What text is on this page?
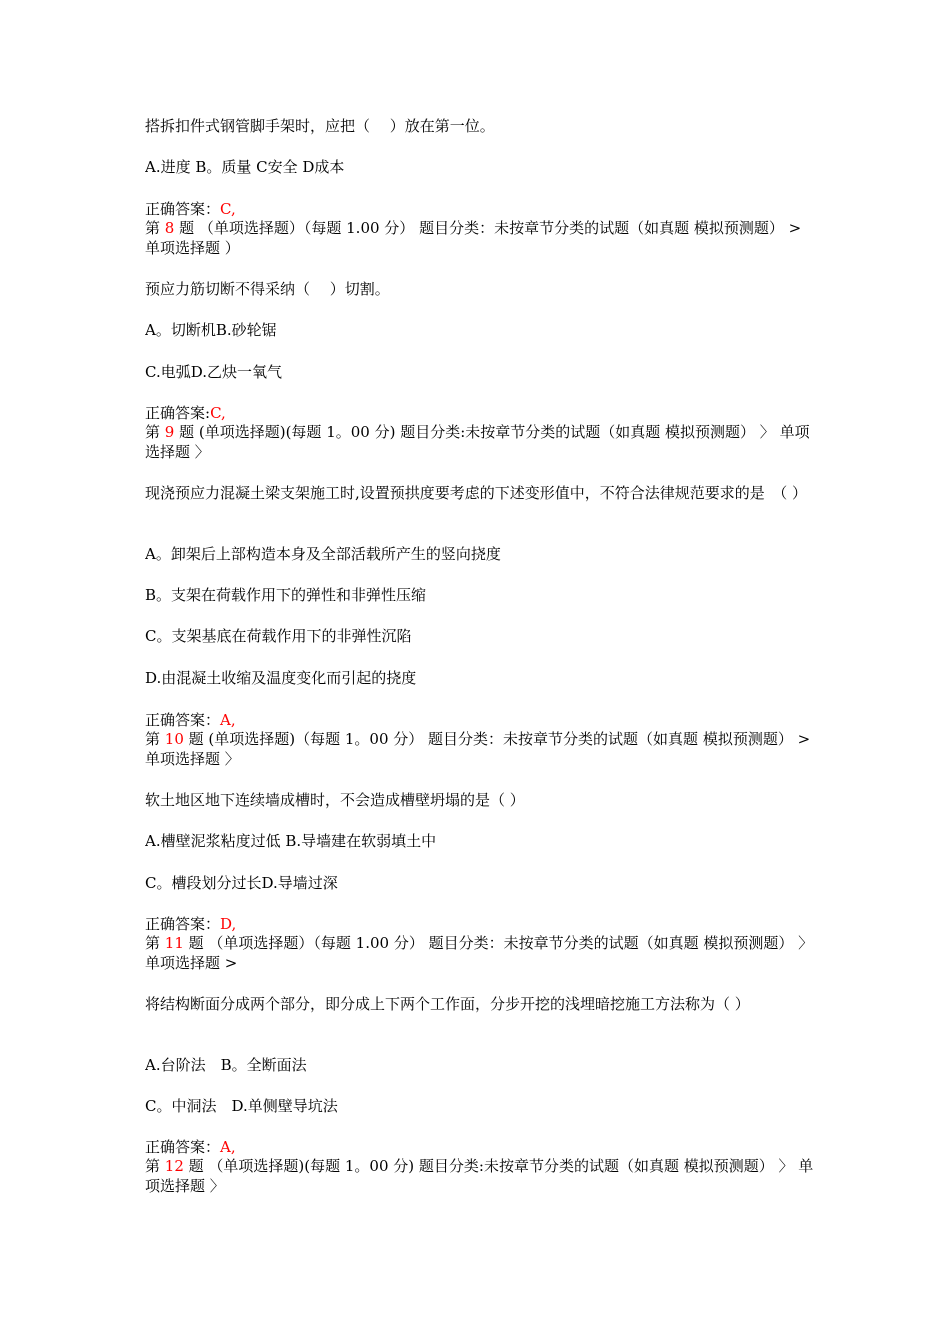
搭拆扣件式钢管脚手架时，应把（　 ）放在第一位。
A.进度 B。质量 C安全 D成本
正确答案：C,
第 8 题 （单项选择题）（每题 1.00 分） 题目分类：未按章节分类的试题（如真题 模拟预测题） > 单项选择题 ）
预应力筋切断不得采纳（　 ）切割。
A。切断机B.砂轮锯
C.电弧D.乙炔一氧气
正确答案:C,
第 9 题 (单项选择题)(每题 1。00 分) 题目分类:未按章节分类的试题（如真题 模拟预测题） 〉 单项选择题 〉
现浇预应力混凝土梁支架施工时,设置预拱度要考虑的下述变形值中，不符合法律规范要求的是　（ ）
A。卸架后上部构造本身及全部活载所产生的竖向挠度
B。支架在荷载作用下的弹性和非弹性压缩
C。支架基底在荷载作用下的非弹性沉陷
D.由混凝土收缩及温度变化而引起的挠度
正确答案：A,
第 10 题 (单项选择题)（每题 1。00 分） 题目分类：未按章节分类的试题（如真题 模拟预测题） > 单项选择题 〉
软土地区地下连续墙成槽时，不会造成槽壁坍塌的是（ ）
A.槽壁泥浆粘度过低 B.导墙建在软弱填土中
C。槽段划分过长D.导墙过深
正确答案：D,
第 11 题 （单项选择题）（每题 1.00 分） 题目分类：未按章节分类的试题（如真题 模拟预测题） 〉 单项选择题 >
将结构断面分成两个部分，即分成上下两个工作面，分步开挖的浅埋暗挖施工方法称为（ ）
A.台阶法　B。全断面法
C。中洞法　D.单侧壁导坑法
正确答案：A,
第 12 题 （单项选择题)(每题 1。00 分) 题目分类:未按章节分类的试题（如真题 模拟预测题） 〉 单项选择题 〉
